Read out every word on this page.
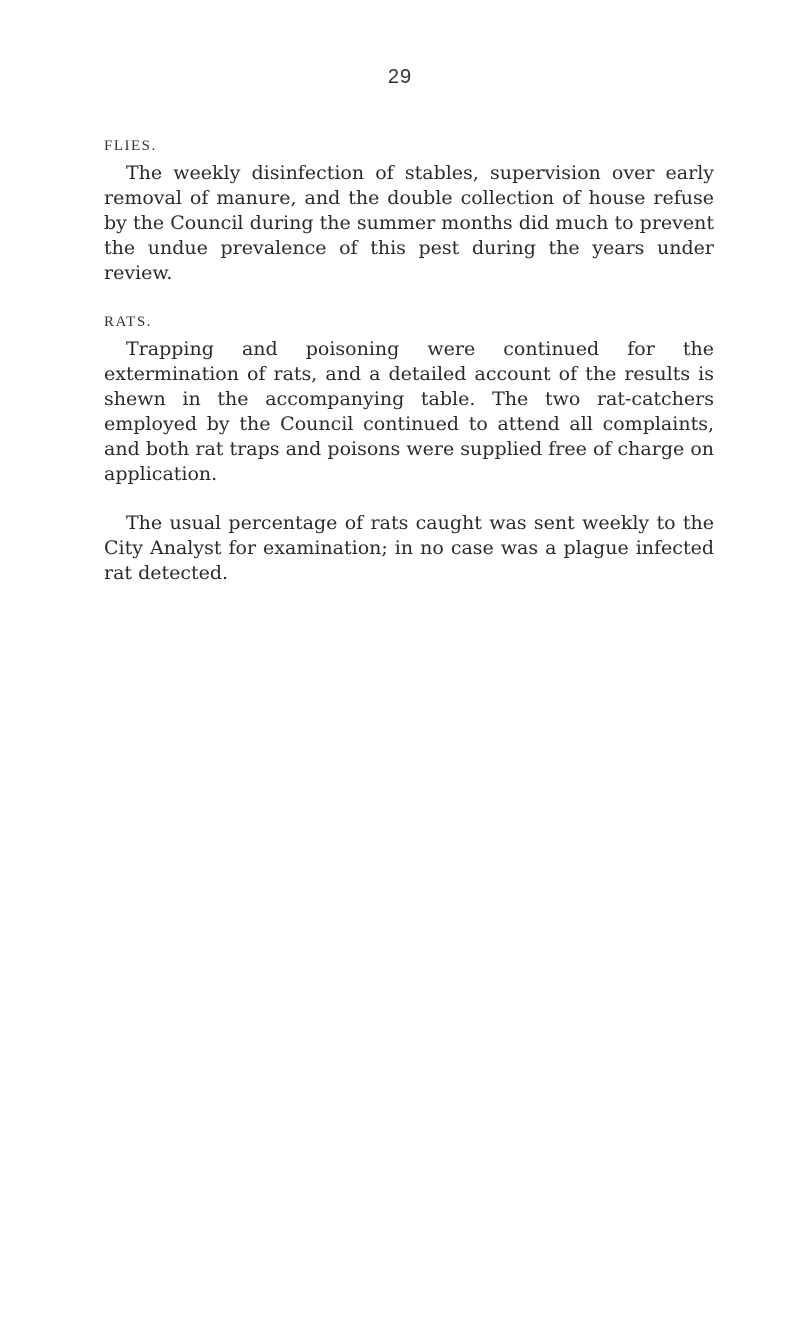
29

FLIES.

The weekly disinfection of stables, supervision over early removal of manure, and the double collection of house refuse by the Council during the summer months did much to prevent the undue prevalence of this pest during the years under review.

RATS.

Trapping and poisoning were continued for the extermination of rats, and a detailed account of the results is shewn in the accompanying table. The two rat-catchers employed by the Council continued to attend all complaints, and both rat traps and poisons were supplied free of charge on application.

The usual percentage of rats caught was sent weekly to the City Analyst for examination; in no case was a plague infected rat detected.
